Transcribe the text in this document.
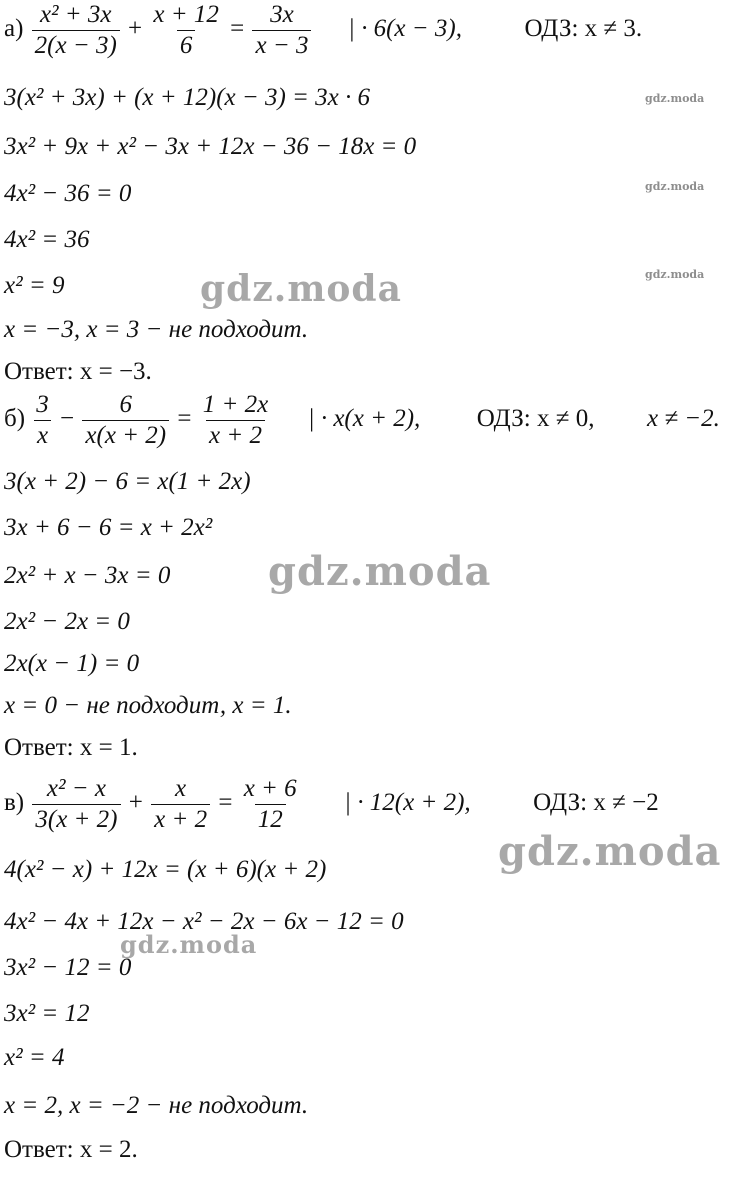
$а) \frac{\text{x² + 3x}}{2(x - 3)} + \frac{x + 12}{6} = \frac{3x}{x - 3}$ | · 6(x − 3),	ОДЗ: x ≠ 3.
3(x² + 3x) + (x + 12)(x − 3) = 3x · 6
3x² + 9x + x² − 3x + 12x − 36 − 18x = 0
4x² − 36 = 0
4x² = 36
x² = 9
x = −3, x = 3 − не подходит.
Ответ: x = −3.
$б) \frac{3}{x} - \frac{6}{x(x + 2)} = \frac{1 + 2x}{x + 2}$ | · x(x + 2), ОДЗ: x ≠ 0, x ≠ −2.
3(x + 2) − 6 = x(1 + 2x)
3x + 6 − 6 = x + 2x²
2x² + x − 3x = 0
2x² − 2x = 0
2x(x − 1) = 0
x = 0 − не подходит, x = 1.
Ответ: x = 1.
$в) \frac{\text{x² − x}}{3(x + 2)} + \frac{x}{x + 2} = \frac{x + 6}{12}$ | · 12(x + 2),	ОДЗ: x ≠ −2
4(x² − x) + 12x = (x + 6)(x + 2)
4x² − 4x + 12x − x² − 2x − 6x − 12 = 0
3x² − 12 = 0
3x² = 12
x² = 4
x = 2, x = −2 − не подходит.
Ответ: x = 2.
gdz.moda
gdz.moda
gdz.moda
gdz.moda
gdz.moda
gdz.moda
gdz.moda
